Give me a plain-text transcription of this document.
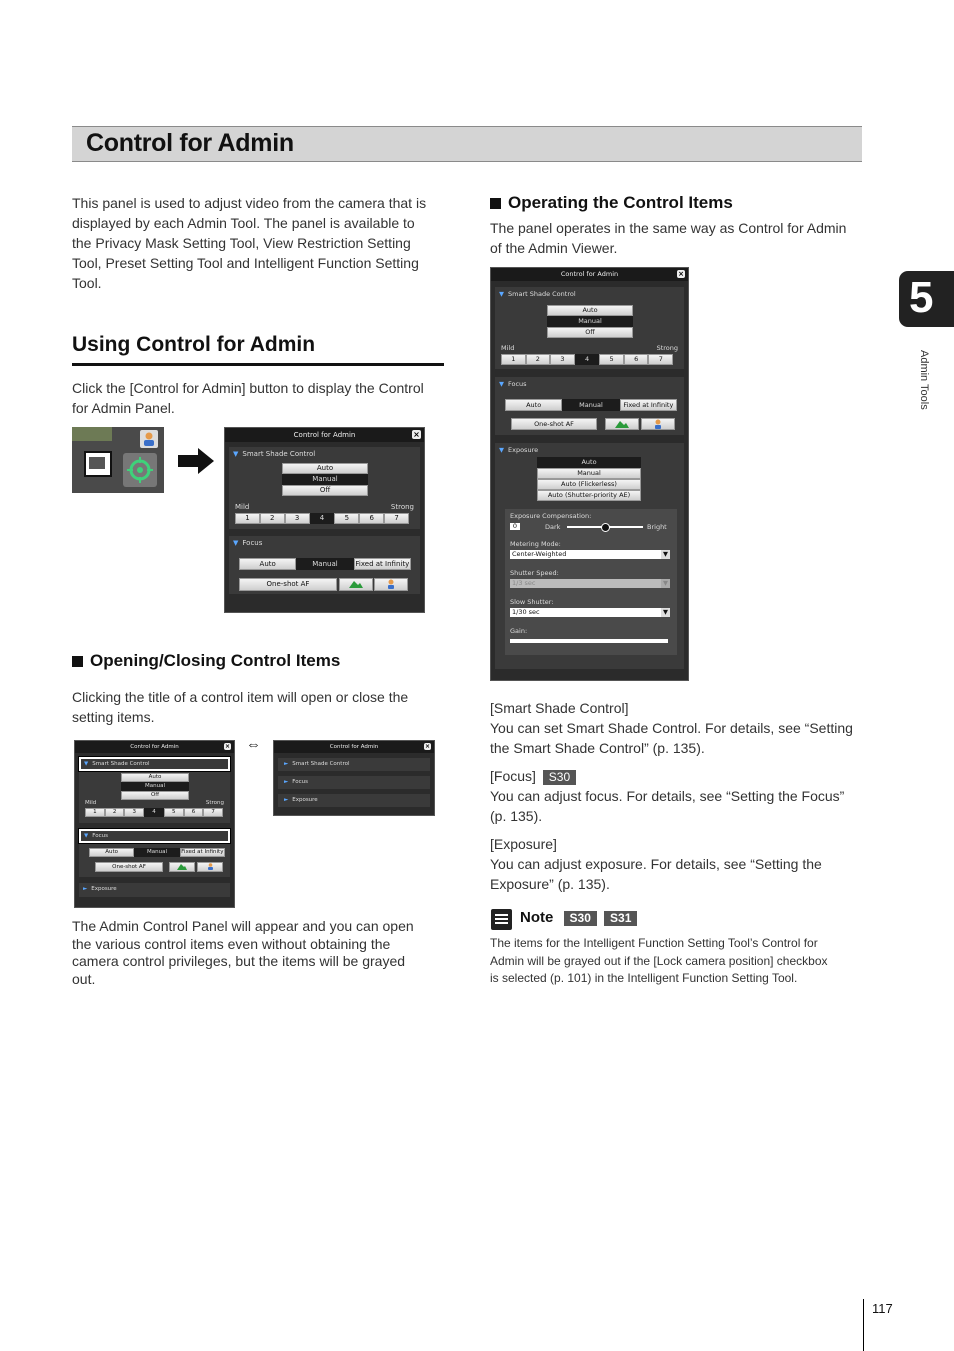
Control for Admin
5
Admin Tools
This panel is used to adjust video from the camera that is
displayed by each Admin Tool. The panel is available to
the Privacy Mask Setting Tool, View Restriction Setting
Tool, Preset Setting Tool and Intelligent Function Setting
Tool.
Using Control for Admin
Click the [Control for Admin] button to display the Control
for Admin Panel.
Control for Admin	×
▼ Smart Shade Control
Auto
Manual
Off
Mild	Strong
1	2	3	4	5	6	7
▼ Focus
Auto	Manual	Fixed at Infinity
One-shot AF
Opening/Closing Control Items
Clicking the title of a control item will open or close the
setting items.
Control for Admin	×
▼ Smart Shade Control
Auto
Manual
Off
Mild	Strong
1	2	3	4	5	6	7
▼ Focus
Auto	Manual	Fixed at Infinity
One-shot AF
► Exposure
⇔	Control for Admin	×
► Smart Shade Control
► Focus
► Exposure
The Admin Control Panel will appear and you can open
the various control items even without obtaining the
camera control privileges, but the items will be grayed
out.
Operating the Control Items
The panel operates in the same way as Control for Admin
of the Admin Viewer.
Control for Admin	×
▼ Smart Shade Control
Auto
Manual
Off
Mild	Strong
1	2	3	4	5	6	7
▼ Focus
Auto	Manual	Fixed at Infinity
One-shot AF
▼ Exposure
Auto
Manual
Auto (Flickerless)
Auto (Shutter-priority AE)
Exposure Compensation:
0	Dark	Bright
Metering Mode:
Center-Weighted	▼
Shutter Speed:
1/3 sec	▼
Slow Shutter:
1/30 sec	▼
Gain:
[Smart Shade Control]
You can set Smart Shade Control. For details, see “Setting
the Smart Shade Control” (p. 135).
[Focus] S30
You can adjust focus. For details, see “Setting the Focus”
(p. 135).
[Exposure]
You can adjust exposure. For details, see “Setting the
Exposure” (p. 135).
Note S30 S31
The items for the Intelligent Function Setting Tool’s Control for
Admin will be grayed out if the [Lock camera position] checkbox
is selected (p. 101) in the Intelligent Function Setting Tool.
117
